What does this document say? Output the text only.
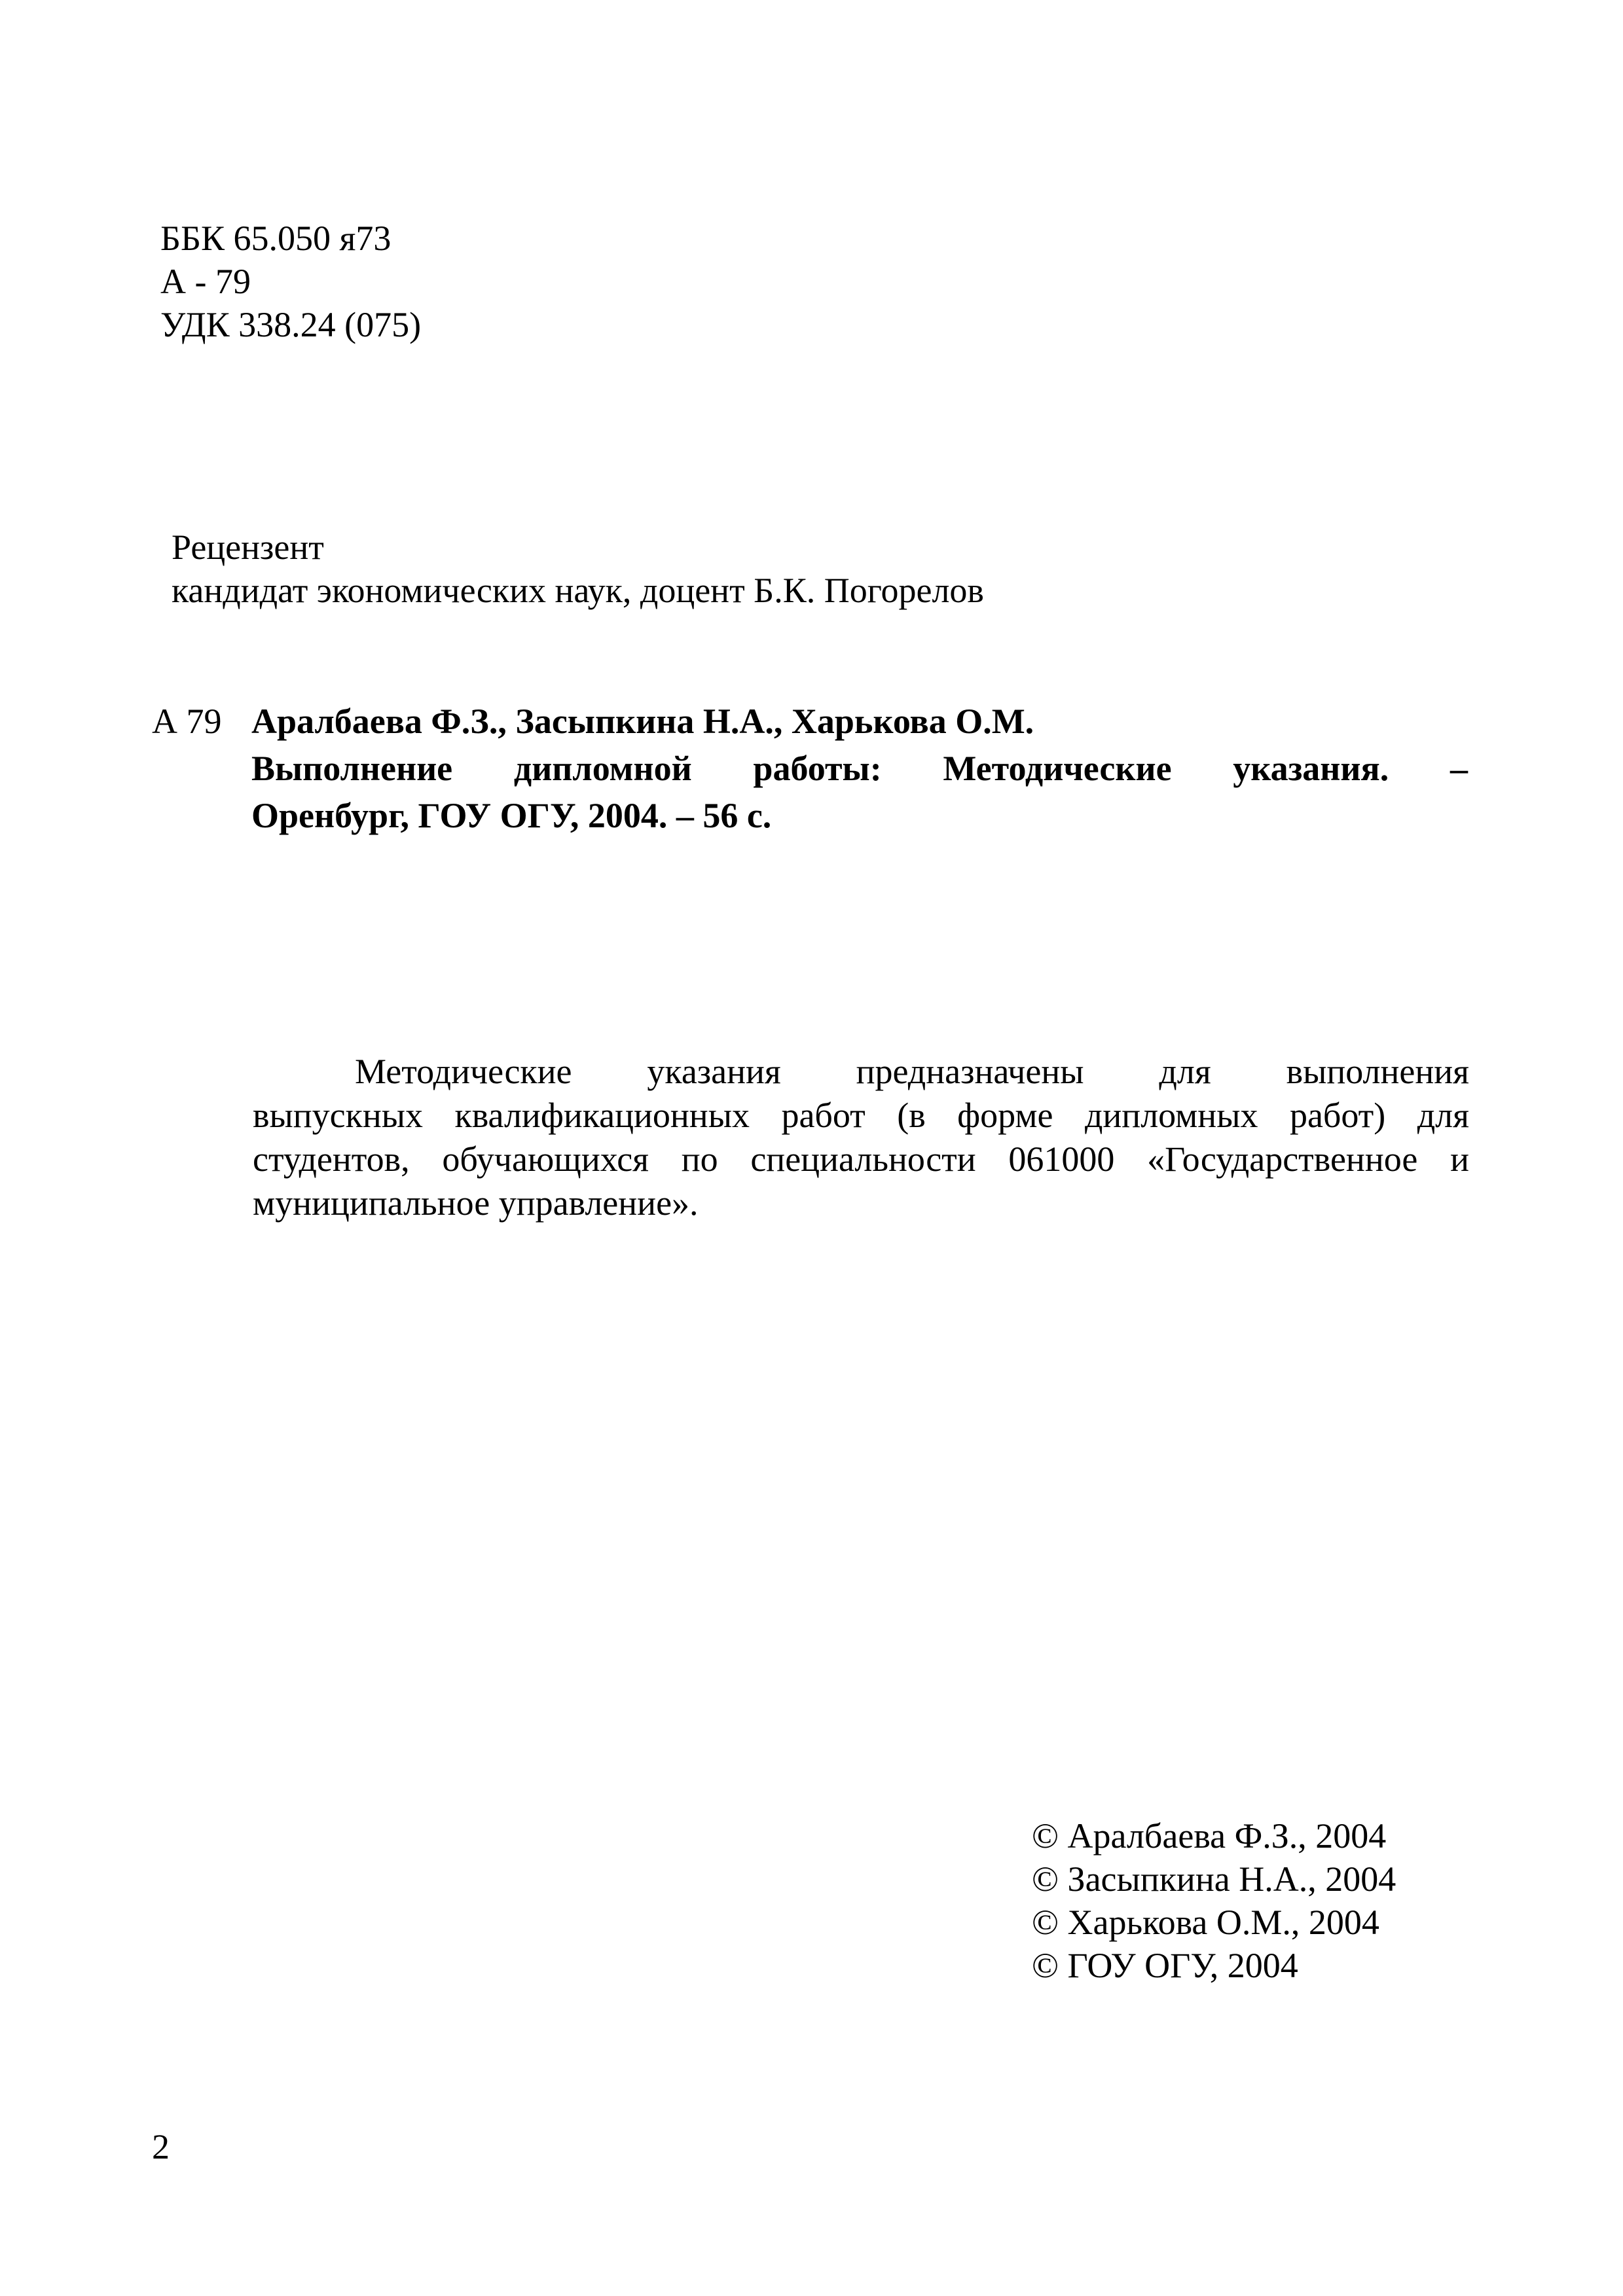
ББК 65.050 я73
А - 79
УДК 338.24 (075)
Рецензент
кандидат экономических наук, доцент Б.К. Погорелов
А 79 Аралбаева Ф.З., Засыпкина Н.А., Харькова О.М.
Выполнение дипломной работы: Методические указания. –
Оренбург, ГОУ ОГУ, 2004. – 56 с.
Методические указания предназначены для выполнения
выпускных квалификационных работ (в форме дипломных работ) для
студентов, обучающихся по специальности 061000 «Государственное и
муниципальное управление».
© Аралбаева Ф.З., 2004
© Засыпкина Н.А., 2004
© Харькова О.М., 2004
© ГОУ ОГУ, 2004
2
